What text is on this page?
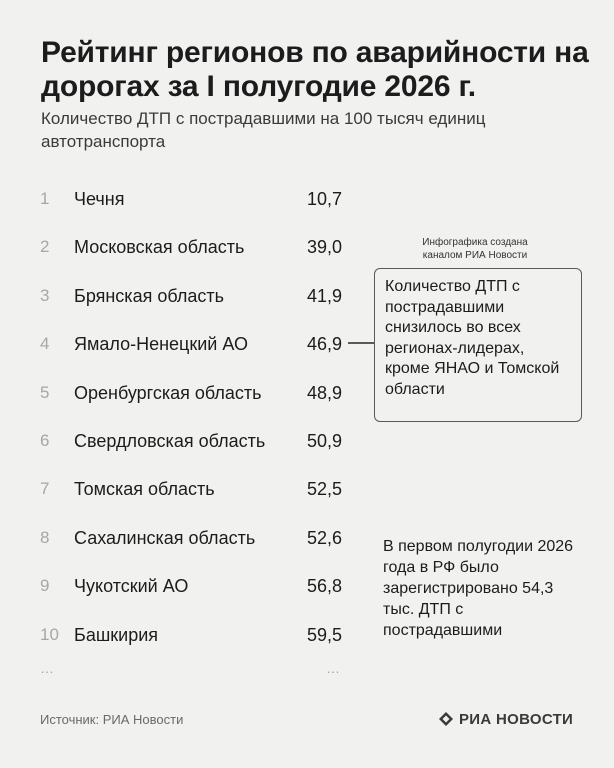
Рейтинг регионов по аварийности на дорогах за I полугодие 2026 г.
Количество ДТП с пострадавшими на 100 тысяч единиц автотранспорта
1	Чечня	10,7
2	Московская область	39,0
3	Брянская область	41,9
4	Ямало-Ненецкий АО	46,9
5	Оренбургская область	48,9
6	Свердловская область 50,9
7	Томская область	52,5
8	Сахалинская область	52,6
9	Чукотский АО	56,8
10 Башкирия	59,5
…	…
Количество ДТП с пострадавшими снизилось во всех регионах-лидерах, кроме ЯНАО и Томской области
Инфографика создана каналом РИА Новости
В первом полугодии 2026 года в РФ было зарегистрировано 54,3 тыс. ДТП с пострадавшими
Источник: РИА Новости	РИА НОВОСТИ
